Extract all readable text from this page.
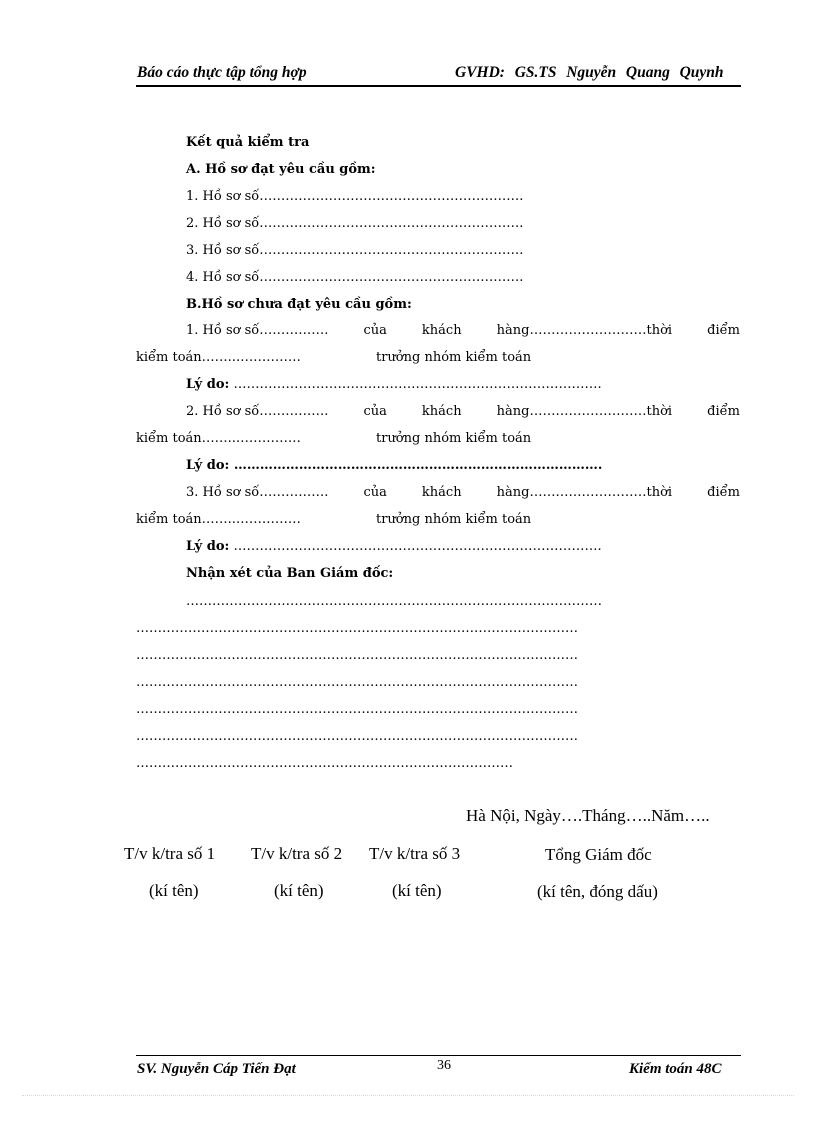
Báo cáo thực tập tổng hợp	GVHD:  GS.TS  Nguyễn  Quang  Quynh
Kết quả kiểm tra
A. Hồ sơ đạt yêu cầu gồm:
1. Hồ sơ số…………………………………………………….
2. Hồ sơ số…………………………………………………….
3. Hồ sơ số…………………………………………………….
4. Hồ sơ số…………………………………………………….
B.Hồ sơ chưa đạt yêu cầu gồm:
1. Hồ sơ số…………….	của	khách	hàng………………………thời	điểm
kiểm toán……..……………	trưởng nhóm kiểm toán
Lý do: ………………………………………………………………………….
2. Hồ sơ số…………….	của	khách	hàng………………………thời	điểm
kiểm toán……..……………	trưởng nhóm kiểm toán
Lý do: ………………………………………………………………………….
3. Hồ sơ số…………….	của	khách	hàng………………………thời	điểm
kiểm toán……..……………	trưởng nhóm kiểm toán
Lý do: ………………………………………………………………………….
Nhận xét của Ban Giám đốc:
……………………………………………………………………………………
…………………………………………………………………………………………
…………………………………………………………………………………………
…………………………………………………………………………………………
…………………………………………………………………………………………
…………………………………………………………………………………………
……………………………………………………………………………
Hà Nội, Ngày….Tháng…..Năm…..
T/v k/tra số 1 T/v k/tra số 2 T/v k/tra số 3	Tổng Giám đốc
(kí tên)	(kí tên)	(kí tên)	(kí tên, đóng dấu)
SV. Nguyễn Cáp Tiến Đạt	36	Kiểm toán 48C
